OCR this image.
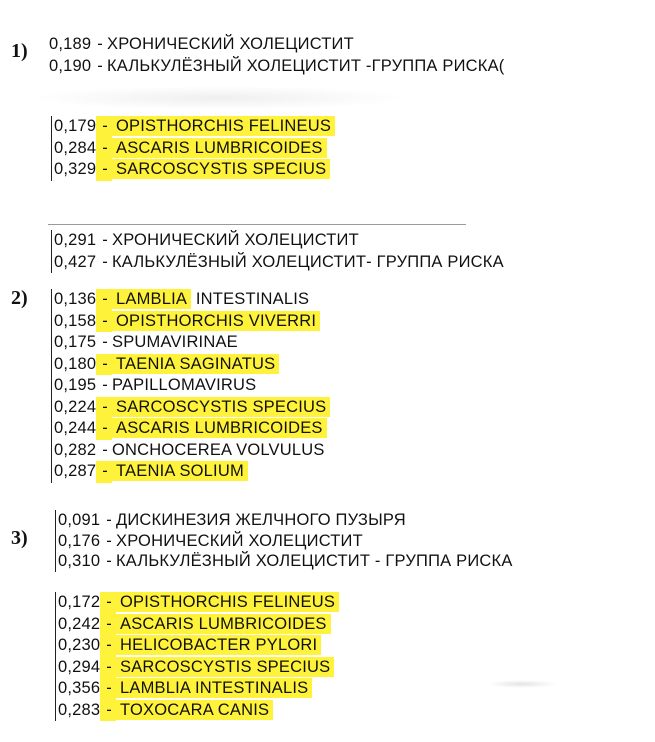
1) 0,189 - ХРОНИЧЕСКИЙ ХОЛЕЦИСТИТ
0,190 - КАЛЬКУЛЁЗНЫЙ ХОЛЕЦИСТИТ -ГРУППА РИСКА(
0,179 - OPISTHORCHIS FELINEUS
0,284 - ASCARIS LUMBRICOIDES
0,329 - SARCOSCYSTIS SPECIUS
2)
0,291 - ХРОНИЧЕСКИЙ ХОЛЕЦИСТИТ
0,427 - КАЛЬКУЛЁЗНЫЙ ХОЛЕЦИСТИТ- ГРУППА РИСКА
0,136 - LAMBLIA INTESTINALIS
0,158 - OPISTHORCHIS VIVERRI
0,175 - SPUMAVIRINAE
0,180 - TAENIA SAGINATUS
0,195 - PAPILLOMAVIRUS
0,224 - SARCOSCYSTIS SPECIUS
0,244 - ASCARIS LUMBRICOIDES
0,282 - ONCHOCEREA VOLVULUS
0,287 - TAENIA SOLIUM
3)
0,091 - ДИСКИНЕЗИЯ ЖЕЛЧНОГО ПУЗЫРЯ
0,176 - ХРОНИЧЕСКИЙ ХОЛЕЦИСТИТ
0,310 - КАЛЬКУЛЁЗНЫЙ ХОЛЕЦИСТИТ - ГРУППА РИСКА
0,172 - OPISTHORCHIS FELINEUS
0,242 - ASCARIS LUMBRICOIDES
0,230 - HELICOBACTER PYLORI
0,294 - SARCOSCYSTIS SPECIUS
0,356 - LAMBLIA INTESTINALIS
0,283 - TOXOCARA CANIS
